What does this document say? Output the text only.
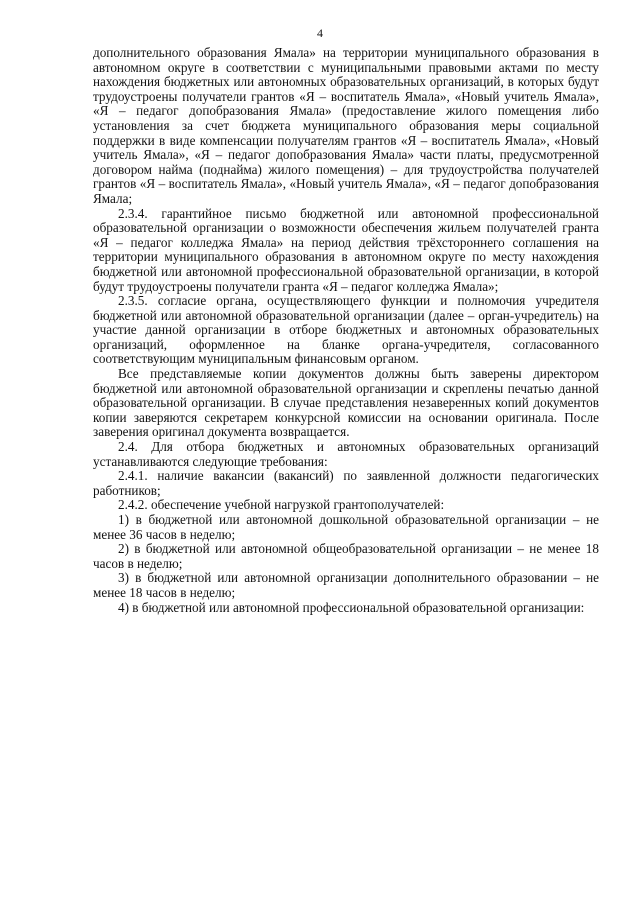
4

дополнительного образования Ямала» на территории муниципального образования в автономном округе в соответствии с муниципальными правовыми актами по месту нахождения бюджетных или автономных образовательных организаций, в которых будут трудоустроены получатели грантов «Я – воспитатель Ямала», «Новый учитель Ямала», «Я – педагог допобразования Ямала» (предоставление жилого помещения либо установления за счет бюджета муниципального образования меры социальной поддержки в виде компенсации получателям грантов «Я – воспитатель Ямала», «Новый учитель Ямала», «Я – педагог допобразования Ямала» части платы, предусмотренной договором найма (поднайма) жилого помещения) – для трудоустройства получателей грантов «Я – воспитатель Ямала», «Новый учитель Ямала», «Я – педагог допобразования Ямала;

2.3.4. гарантийное письмо бюджетной или автономной профессиональной образовательной организации о возможности обеспечения жильем получателей гранта «Я – педагог колледжа Ямала» на период действия трёхстороннего соглашения на территории муниципального образования в автономном округе по месту нахождения бюджетной или автономной профессиональной образовательной организации, в которой будут трудоустроены получатели гранта «Я – педагог колледжа Ямала»;

2.3.5. согласие органа, осуществляющего функции и полномочия учредителя бюджетной или автономной образовательной организации (далее – орган-учредитель) на участие данной организации в отборе бюджетных и автономных образовательных организаций, оформленное на бланке органа-учредителя, согласованного соответствующим муниципальным финансовым органом.

Все представляемые копии документов должны быть заверены директором бюджетной или автономной образовательной организации и скреплены печатью данной образовательной организации. В случае представления незаверенных копий документов копии заверяются секретарем конкурсной комиссии на основании оригинала. После заверения оригинал документа возвращается.

2.4. Для отбора бюджетных и автономных образовательных организаций устанавливаются следующие требования:

2.4.1. наличие вакансии (вакансий) по заявленной должности педагогических работников;

2.4.2. обеспечение учебной нагрузкой грантополучателей:

1) в бюджетной или автономной дошкольной образовательной организации – не менее 36 часов в неделю;

2) в бюджетной или автономной общеобразовательной организации – не менее 18 часов в неделю;

3) в бюджетной или автономной организации дополнительного образовании – не менее 18 часов в неделю;

4) в бюджетной или автономной профессиональной образовательной организации:
